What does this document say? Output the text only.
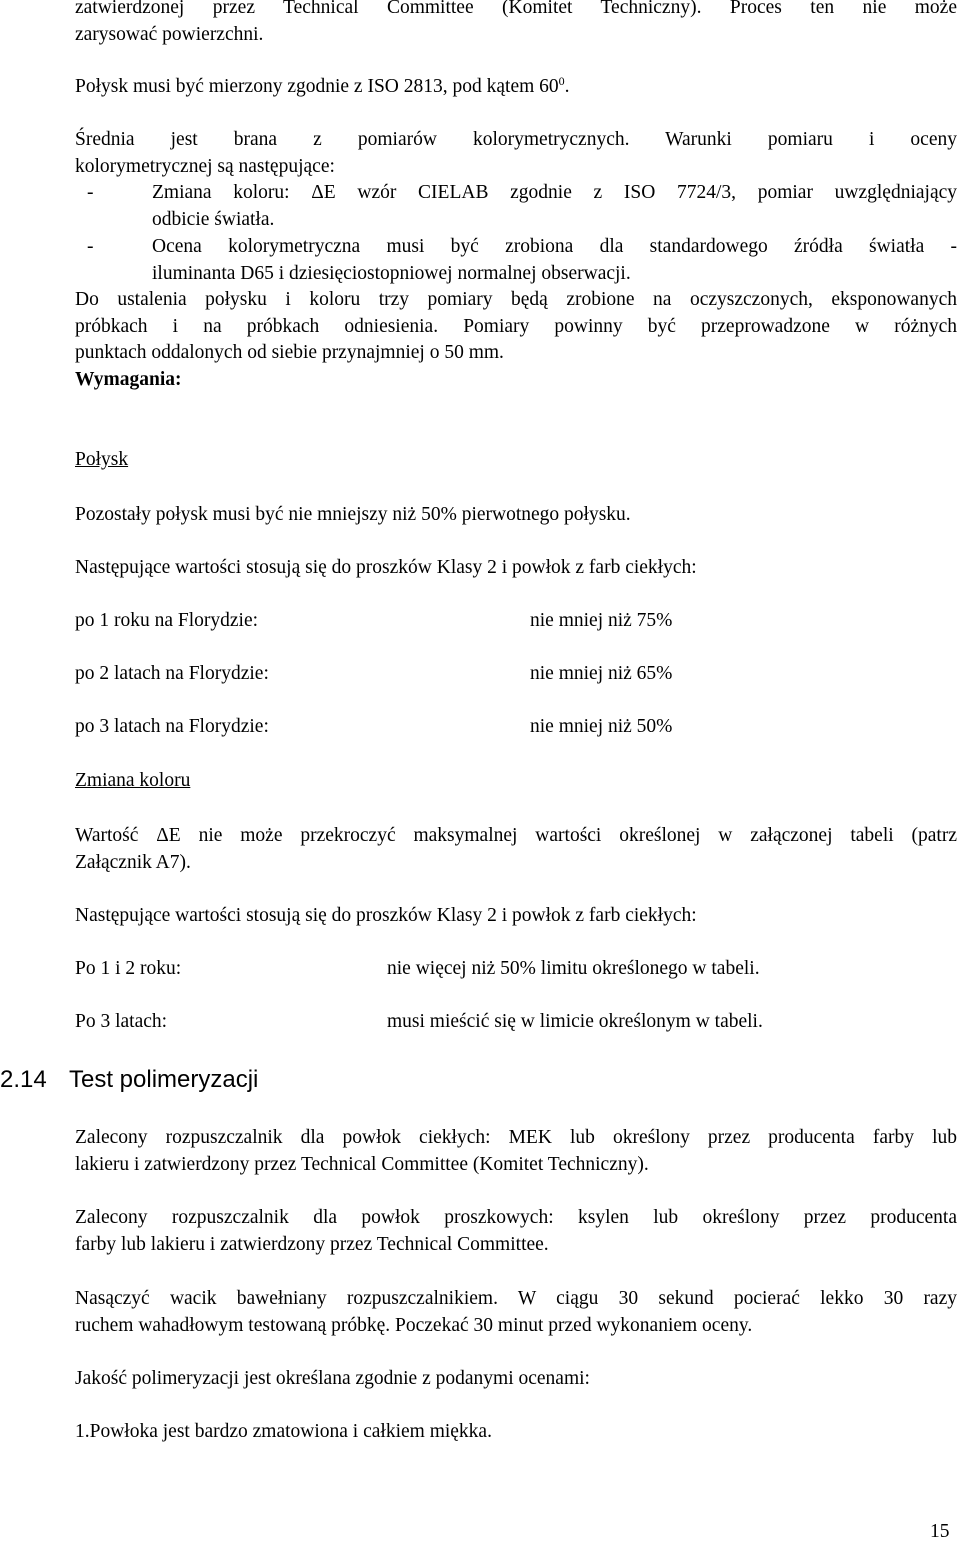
zatwierdzonej przez Technical Committee (Komitet Techniczny). Proces ten nie może
zarysować powierzchni.
Połysk musi być mierzony zgodnie z ISO 2813, pod kątem $60^0$.
Średnia jest brana z pomiarów kolorymetrycznych. Warunki pomiaru i oceny
kolorymetrycznej są następujące:
-	Zmiana koloru: ΔE wzór CIELAB zgodnie z ISO 7724/3, pomiar uwzględniający
odbicie światła.
-	Ocena kolorymetryczna musi być zrobiona dla standardowego źródła światła -
iluminanta D65 i dziesięciostopniowej normalnej obserwacji.
Do ustalenia połysku i koloru trzy pomiary będą zrobione na oczyszczonych, eksponowanych
próbkach i na próbkach odniesienia. Pomiary powinny być przeprowadzone w różnych
punktach oddalonych od siebie przynajmniej o 50 mm.
Wymagania:
Połysk
Pozostały połysk musi być nie mniejszy niż 50% pierwotnego połysku.
Następujące wartości stosują się do proszków Klasy 2 i powłok z farb ciekłych:
po 1 roku na Florydzie:	nie mniej niż 75%
po 2 latach na Florydzie:	nie mniej niż 65%
po 3 latach na Florydzie:	nie mniej niż 50%
Zmiana koloru
Wartość ΔE nie może przekroczyć maksymalnej wartości określonej w załączonej tabeli (patrz
Załącznik A7).
Następujące wartości stosują się do proszków Klasy 2 i powłok z farb ciekłych:
Po 1 i 2 roku:	nie więcej niż 50% limitu określonego w tabeli.
Po 3 latach:	musi mieścić się w limicie określonym w tabeli.
2.14 Test polimeryzacji
Zalecony rozpuszczalnik dla powłok ciekłych: MEK lub określony przez producenta farby lub
lakieru i zatwierdzony przez Technical Committee (Komitet Techniczny).
Zalecony rozpuszczalnik dla powłok proszkowych: ksylen lub określony przez producenta
farby lub lakieru i zatwierdzony przez Technical Committee.
Nasączyć wacik bawełniany rozpuszczalnikiem. W ciągu 30 sekund pocierać lekko 30 razy
ruchem wahadłowym testowaną próbkę. Poczekać 30 minut przed wykonaniem oceny.
Jakość polimeryzacji jest określana zgodnie z podanymi ocenami:
1.Powłoka jest bardzo zmatowiona i całkiem miękka.
15
